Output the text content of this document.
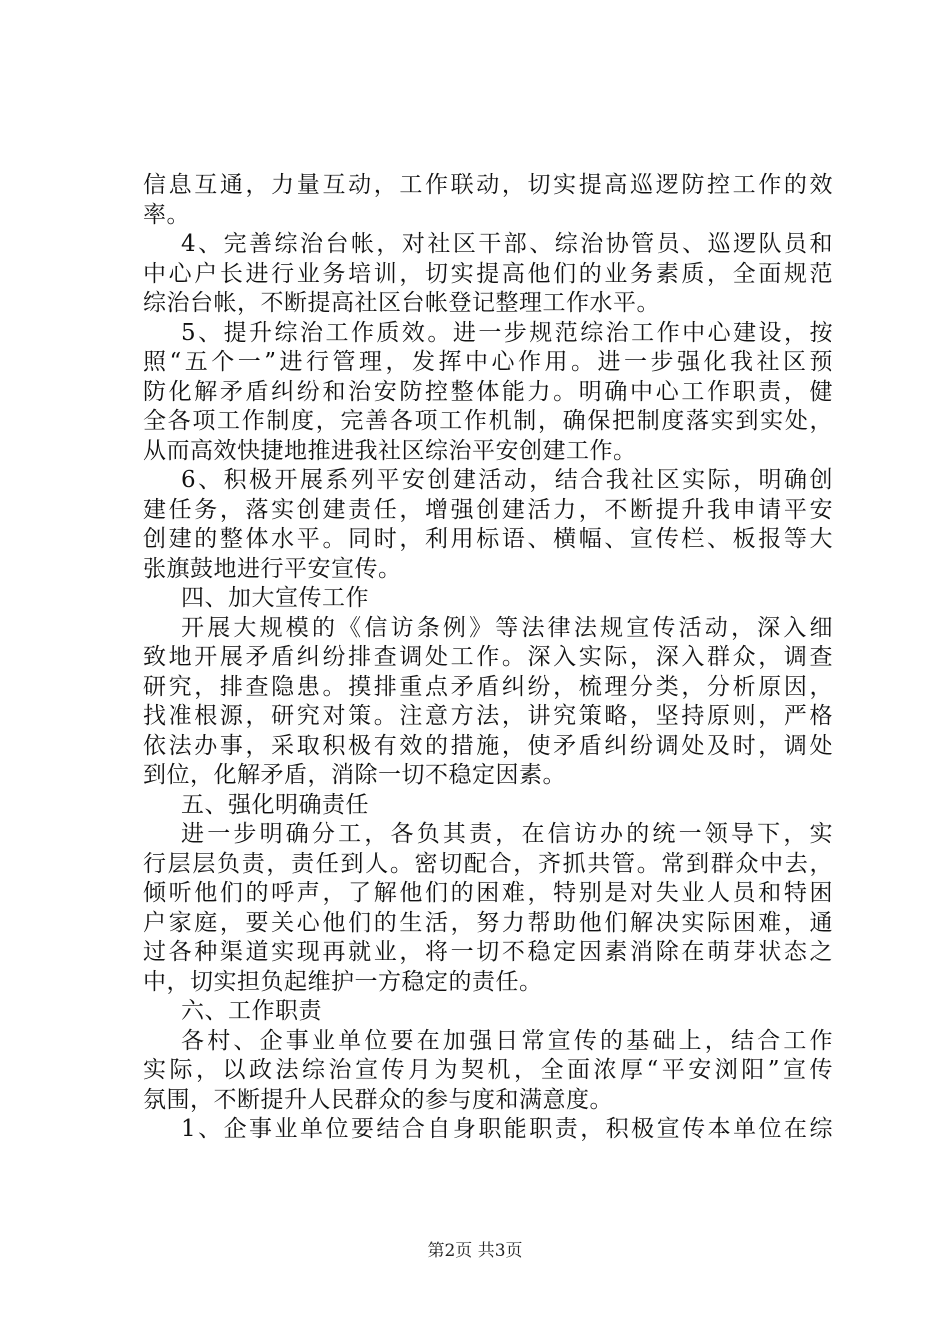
信息互通，力量互动，工作联动，切实提高巡逻防控工作的效
率。
4、完善综治台帐，对社区干部、综治协管员、巡逻队员和
中心户长进行业务培训，切实提高他们的业务素质，全面规范
综治台帐，不断提高社区台帐登记整理工作水平。
5、提升综治工作质效。进一步规范综治工作中心建设，按
照“五个一”进行管理，发挥中心作用。进一步强化我社区预
防化解矛盾纠纷和治安防控整体能力。明确中心工作职责，健
全各项工作制度，完善各项工作机制，确保把制度落实到实处，
从而高效快捷地推进我社区综治平安创建工作。
6、积极开展系列平安创建活动，结合我社区实际，明确创
建任务，落实创建责任，增强创建活力，不断提升我申请平安
创建的整体水平。同时，利用标语、横幅、宣传栏、板报等大
张旗鼓地进行平安宣传。
四、加大宣传工作
开展大规模的《信访条例》等法律法规宣传活动，深入细
致地开展矛盾纠纷排查调处工作。深入实际，深入群众，调查
研究，排查隐患。摸排重点矛盾纠纷，梳理分类，分析原因，
找准根源，研究对策。注意方法，讲究策略，坚持原则，严格
依法办事，采取积极有效的措施，使矛盾纠纷调处及时，调处
到位，化解矛盾，消除一切不稳定因素。
五、强化明确责任
进一步明确分工，各负其责，在信访办的统一领导下，实
行层层负责，责任到人。密切配合，齐抓共管。常到群众中去，
倾听他们的呼声，了解他们的困难，特别是对失业人员和特困
户家庭，要关心他们的生活，努力帮助他们解决实际困难，通
过各种渠道实现再就业，将一切不稳定因素消除在萌芽状态之
中，切实担负起维护一方稳定的责任。
六、工作职责
各村、企事业单位要在加强日常宣传的基础上，结合工作
实际，以政法综治宣传月为契机，全面浓厚“平安浏阳”宣传
氛围，不断提升人民群众的参与度和满意度。
1、企事业单位要结合自身职能职责，积极宣传本单位在综
第2页 共3页
